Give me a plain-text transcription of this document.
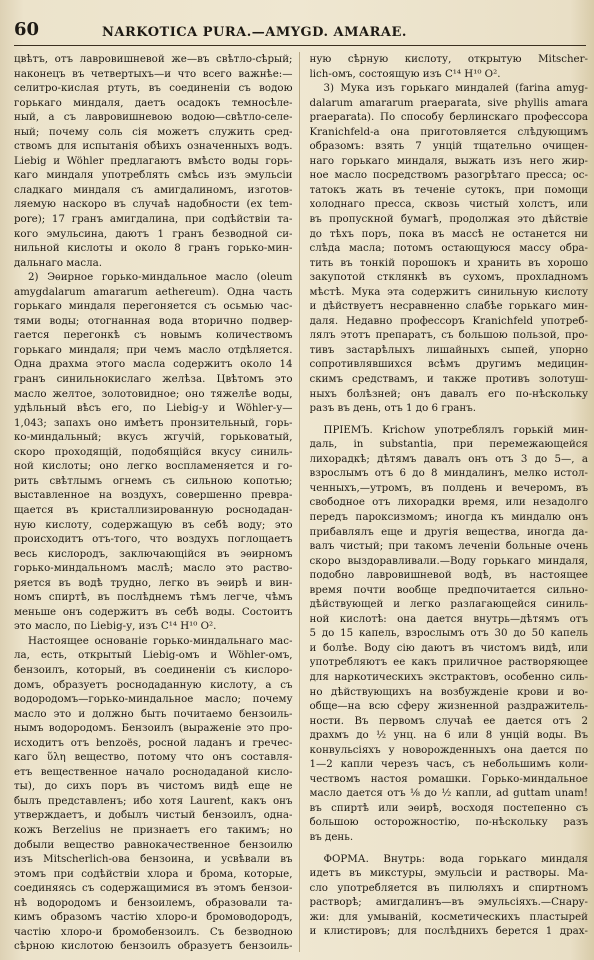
60	NARKOTICA PURA.—AMYGD. AMARAE.
цвѣтъ, отъ лавровишневой же—въ свѣтло-сѣрый;
наконецъ въ четвертыхъ—и что всего важнѣе:—
селитро-кислая ртуть, въ соединеніи съ водою
горькаго миндаля, даетъ осадокъ темносѣле-
ный, а съ лавровишневою водою—свѣтло-селе-
ный; почему соль сія можетъ служить сред-
ствомъ для испытанія обѣихъ означенныхъ водъ.
Liebig и Wöhler предлагаютъ вмѣсто воды горь-
каго миндаля употреблять смѣсь изъ эмульсіи
сладкаго миндаля съ амигдалиномъ, изготов-
ляемую наскоро въ случаѣ надобности (ex tem-
pore); 17 гранъ амигдалина, при содѣйствіи та-
кого эмульсина, даютъ 1 гранъ безводной си-
нильной кислоты и около 8 гранъ горько-мин-
дальнаго масла.
2) Эѳирное горько-миндальное масло (oleum
amygdalarum amararum aethereum). Одна часть
горькаго миндаля перегоняется съ осьмью час-
тями воды; отогнанная вода вторично подвер-
гается перегонкѣ съ новымъ количествомъ
горькаго миндаля; при чемъ масло отдѣляется.
Одна драхма этого масла содержитъ около 14
гранъ синильнокислаго желѣза. Цвѣтомъ это
масло желтое, золотовидное; оно тяжелѣе воды,
удѣльный вѣсъ его, по Liebig-у и Wöhler-у—
1,043; запахъ оно имѣетъ пронзительный, горь-
ко-миндальный; вкусъ жгучій, горьковатый,
скоро проходящій, подобящійся вкусу синиль-
ной кислоты; оно легко воспламеняется и го-
рить свѣтлымъ огнемъ съ сильною копотью;
выставленное на воздухъ, совершенно превра-
щается въ кристаллизированную роснодадан-
ную кислоту, содержащую въ себѣ воду; это
происходитъ отъ-того, что воздухъ поглощаетъ
весь кислородъ, заключающійся въ эѳирномъ
горько-миндальномъ маслѣ; масло это раство-
ряется въ водѣ трудно, легко въ эѳирѣ и вин-
номъ спиртѣ, въ послѣднемъ тѣмъ легче, чѣмъ
меньше онъ содержитъ въ себѣ воды. Состоитъ
это масло, по Liebig-у, изъ C¹⁴ H¹⁰ O².
Настоящее основаніе горько-миндальнаго мас-
ла, есть, открытый Liebig-омъ и Wöhler-омъ,
бензоилъ, который, въ соединеніи съ кислоро-
домъ, образуетъ роснодаданную кислоту, а съ
водородомъ—горько-миндальное масло; почему
масло это и должно быть почитаемо бензоиль-
нымъ водородомъ. Бензоилъ (выраженіе это про-
исходитъ отъ benzoës, росной ладанъ и гречес-
каго ὕλη вещество, потому что онъ составля-
етъ вещественное начало роснодаданой кисло-
ты), до сихъ поръ въ чистомъ видѣ еще не
былъ представленъ; ибо хотя Laurent, какъ онъ
утверждаетъ, и добылъ чистый бензоилъ, одна-
кожъ Berzelius не признаетъ его такимъ; но
добыли вещество равнокачественное бензоилю
изъ Mitscherlich-ова бензоина, и усвѣвали въ
этомъ при содѣйствіи хлора и брома, которые,
соединяясь съ содержащимися въ этомъ бензои-
нѣ водородомъ и бензоилемъ, образовали та-
кимъ образомъ частію хлоро-и бромоводородъ,
частію хлоро-и бромобензоилъ. Съ безводною
сѣрною кислотою бензоилъ образуетъ бензоиль-
ную сѣрную кислоту, открытую Mitscher-
lich-омъ, состоящую изъ C¹⁴ H¹⁰ O².
3) Мука изъ горькаго миндалей (farina amyg-
dalarum amararum praeparata, sive phyllis amara
praeparata). По способу берлинскаго профессора
Kranichfeld-а она приготовляется слѣдующимъ
образомъ: взять 7 унцій тщательно очищен-
наго горькаго миндаля, выжать изъ него жир-
ное масло посредствомъ разогрѣтаго пресса; ос-
татокъ жать въ теченіе сутокъ, при помощи
холоднаго пресса, сквозь чистый холстъ, или
въ пропускной бумагѣ, продолжая это дѣйствіе
до тѣхъ поръ, пока въ массѣ не останется ни
слѣда масла; потомъ остающуюся массу обра-
тить въ тонкій порошокъ и хранить въ хорошо
закупотой стклянкѣ въ сухомъ, прохладномъ
мѣстѣ. Мука эта содержитъ синильную кислоту
и дѣйствуетъ несравненно слабѣе горькаго мин-
даля. Недавно профессоръ Kranichfeld употреб-
лялъ этотъ препаратъ, съ большою пользой, про-
тивъ застарѣлыхъ лишайныхъ сыпей, упорно
сопротивлявшихся всѣмъ другимъ медицин-
скимъ средствамъ, и также противъ золотуш-
ныхъ болѣзней; онъ давалъ его по-нѣскольку
разъ въ день, отъ 1 до 6 гранъ.
ПРІЕМЪ. Krichow употреблялъ горькій мин-
даль, in substantia, при перемежающейся
лихорадкѣ; дѣтямъ давалъ онъ отъ 3 до 5—, а
взрослымъ отъ 6 до 8 миндалинъ, мелко истол-
ченныхъ,—утромъ, въ полдень и вечеромъ, въ
свободное отъ лихорадки время, или незадолго
передъ пароксизмомъ; иногда къ миндалю онъ
прибавлялъ еще и другія вещества, иногда да-
валъ чистый; при такомъ леченіи больные очень
скоро выздоравливали.—Воду горькаго миндаля,
подобно лавровишневой водѣ, въ настоящее
время почти вообще предпочитается сильно-
дѣйствующей и легко разлагающейся синиль-
ной кислотѣ: она дается внутрь—дѣтямъ отъ
5 до 15 капель, взрослымъ отъ 30 до 50 капель
и болѣе. Воду сію даютъ въ чистомъ видѣ, или
употребляютъ ее какъ приличное растворяющее
для наркотическихъ экстрактовъ, особенно силь-
но дѣйствующихъ на возбужденіе крови и во-
обще—на всю сферу жизненной раздражитель-
ности. Въ первомъ случаѣ ее дается отъ 2
драхмъ до ½ унц. на 6 или 8 унцій воды. Въ
конвульсіяхъ у новорожденныхъ она дается по
1—2 капли черезъ часъ, съ небольшимъ коли-
чествомъ настоя ромашки. Горько-миндальное
масло дается отъ ⅛ до ½ капли, ad guttam unam!
въ спиртѣ или эѳирѣ, восходя постепенно съ
большою осторожностію, по-нѣскольку разъ
въ день.
ФОРМА. Внутрь: вода горькаго миндаля
идетъ въ микстуры, эмульсіи и растворы. Ма-
сло употребляется въ пилюляхъ и спиртномъ
растворѣ; амигдалинъ—въ эмульсіяхъ.—Снару-
жи: для умываній, косметическихъ пластырей
и клистировъ; для послѣднихъ берется 1 драх-
